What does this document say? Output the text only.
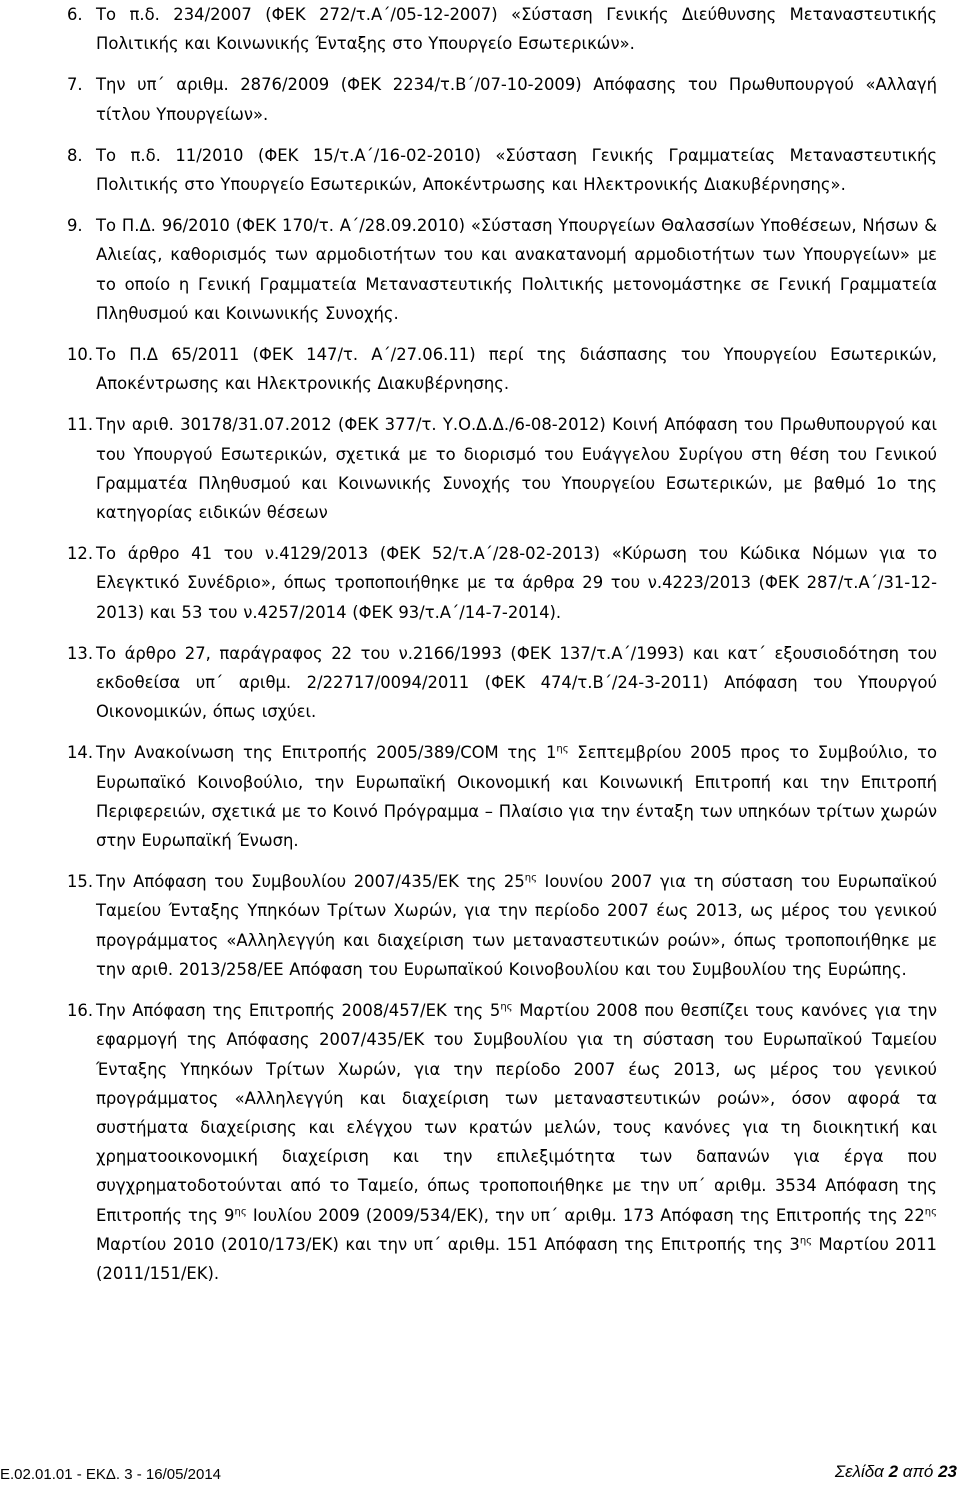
6. Το π.δ. 234/2007 (ΦΕΚ 272/τ.Α΄/05-12-2007) «Σύσταση Γενικής Διεύθυνσης Μεταναστευτικής Πολιτικής και Κοινωνικής Ένταξης στο Υπουργείο Εσωτερικών».
7. Την υπ΄ αριθμ. 2876/2009 (ΦΕΚ 2234/τ.Β΄/07-10-2009) Απόφασης του Πρωθυπουργού «Αλλαγή τίτλου Υπουργείων».
8. Το π.δ. 11/2010 (ΦΕΚ 15/τ.Α΄/16-02-2010) «Σύσταση Γενικής Γραμματείας Μεταναστευτικής Πολιτικής στο Υπουργείο Εσωτερικών, Αποκέντρωσης και Ηλεκτρονικής Διακυβέρνησης».
9. Το Π.Δ. 96/2010 (ΦΕΚ 170/τ. Α΄/28.09.2010) «Σύσταση Υπουργείων Θαλασσίων Υποθέσεων, Νήσων & Αλιείας, καθορισμός των αρμοδιοτήτων του και ανακατανομή αρμοδιοτήτων των Υπουργείων» με το οποίο η Γενική Γραμματεία Μεταναστευτικής Πολιτικής μετονομάστηκε σε Γενική Γραμματεία Πληθυσμού και Κοινωνικής Συνοχής.
10. Το Π.Δ 65/2011 (ΦΕΚ 147/τ. Α΄/27.06.11) περί της διάσπασης του Υπουργείου Εσωτερικών, Αποκέντρωσης και Ηλεκτρονικής Διακυβέρνησης.
11. Την αριθ. 30178/31.07.2012 (ΦΕΚ 377/τ. Υ.Ο.Δ.Δ./6-08-2012) Κοινή Απόφαση του Πρωθυπουργού και του Υπουργού Εσωτερικών, σχετικά με το διορισμό του Ευάγγελου Συρίγου στη θέση του Γενικού Γραμματέα Πληθυσμού και Κοινωνικής Συνοχής του Υπουργείου Εσωτερικών, με βαθμό 1ο της κατηγορίας ειδικών θέσεων
12. Το άρθρο 41 του ν.4129/2013 (ΦΕΚ 52/τ.Α΄/28-02-2013) «Κύρωση του Κώδικα Νόμων για το Ελεγκτικό Συνέδριο», όπως τροποποιήθηκε με τα άρθρα 29 του ν.4223/2013 (ΦΕΚ 287/τ.Α΄/31-12-2013) και 53 του ν.4257/2014 (ΦΕΚ 93/τ.Α΄/14-7-2014).
13. Το άρθρο 27, παράγραφος 22 του ν.2166/1993 (ΦΕΚ 137/τ.Α΄/1993) και κατ΄ εξουσιοδότηση του εκδοθείσα υπ΄ αριθμ. 2/22717/0094/2011 (ΦΕΚ 474/τ.Β΄/24-3-2011) Απόφαση του Υπουργού Οικονομικών, όπως ισχύει.
14. Την Ανακοίνωση της Επιτροπής 2005/389/COM της $1^{\eta\varsigma}$ Σεπτεμβρίου 2005 προς το Συμβούλιο, το Ευρωπαϊκό Κοινοβούλιο, την Ευρωπαϊκή Οικονομική και Κοινωνική Επιτροπή και την Επιτροπή Περιφερειών, σχετικά με το Κοινό Πρόγραμμα – Πλαίσιο για την ένταξη των υπηκόων τρίτων χωρών στην Ευρωπαϊκή Ένωση.
15. Την Απόφαση του Συμβουλίου 2007/435/ΕΚ της $25^{\eta\varsigma}$ Ιουνίου 2007 για τη σύσταση του Ευρωπαϊκού Ταμείου Ένταξης Υπηκόων Τρίτων Χωρών, για την περίοδο 2007 έως 2013, ως μέρος του γενικού προγράμματος «Αλληλεγγύη και διαχείριση των μεταναστευτικών ροών», όπως τροποποιήθηκε με την αριθ. 2013/258/ΕΕ Απόφαση του Ευρωπαϊκού Κοινοβουλίου και του Συμβουλίου της Ευρώπης.
16. Την Απόφαση της Επιτροπής 2008/457/ΕΚ της $5^{\eta\varsigma}$ Μαρτίου 2008 που θεσπίζει τους κανόνες για την εφαρμογή της Απόφασης 2007/435/ΕΚ του Συμβουλίου για τη σύσταση του Ευρωπαϊκού Ταμείου Ένταξης Υπηκόων Τρίτων Χωρών, για την περίοδο 2007 έως 2013, ως μέρος του γενικού προγράμματος «Αλληλεγγύη και διαχείριση των μεταναστευτικών ροών», όσον αφορά τα συστήματα διαχείρισης και ελέγχου των κρατών μελών, τους κανόνες για τη διοικητική και χρηματοοικονομική διαχείριση και την επιλεξιμότητα των δαπανών για έργα που συγχρηματοδοτούνται από το Ταμείο, όπως τροποποιήθηκε με την υπ΄ αριθμ. 3534 Απόφαση της Επιτροπής της $9^{\eta\varsigma}$ Ιουλίου 2009 (2009/534/ΕΚ), την υπ΄ αριθμ. 173 Απόφαση της Επιτροπής της $22^{\eta\varsigma}$ Μαρτίου 2010 (2010/173/ΕΚ) και την υπ΄ αριθμ. 151 Απόφαση της Επιτροπής της $3^{\eta\varsigma}$ Μαρτίου 2011 (2011/151/ΕΚ).
Ε.02.01.01 - ΕΚΔ. 3 - 16/05/2014	Σελίδα 2 από 23
